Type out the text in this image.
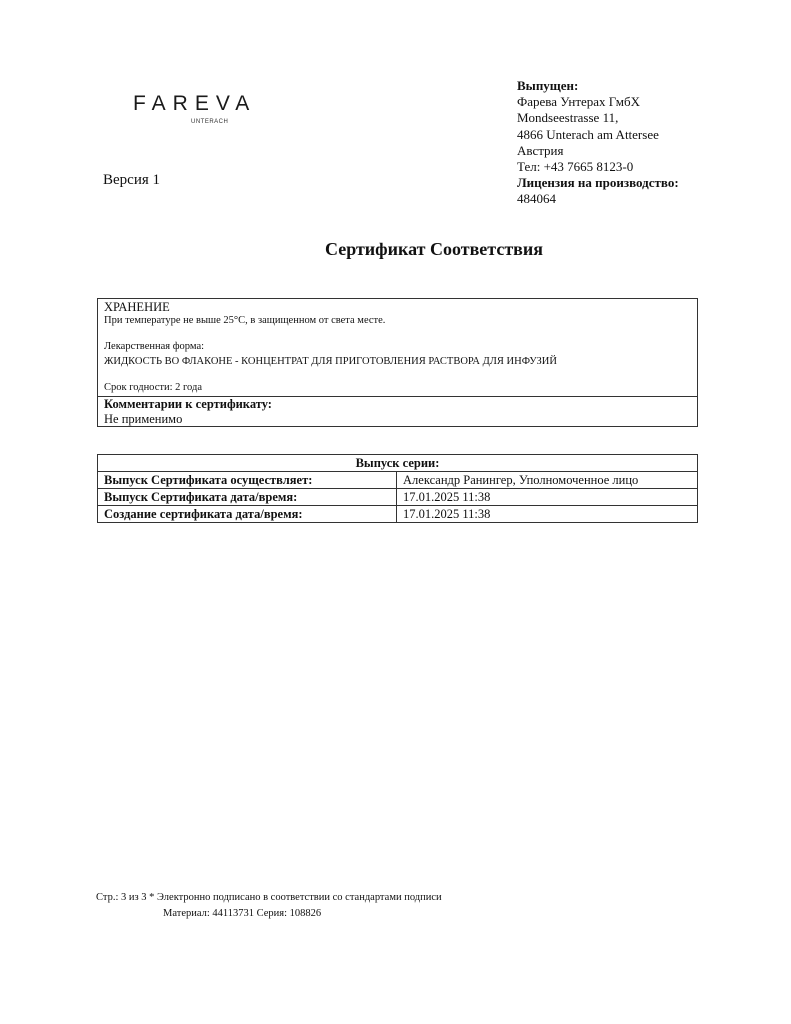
FAREVA
UNTERACH
Версия 1
Выпущен:
Фарева Унтерах ГмбХ
Mondseestrasse 11,
4866 Unterach am Attersee
Австрия
Тел: +43 7665 8123-0
Лицензия на производство:
484064
Сертификат Соответствия
ХРАНЕНИЕ
При температуре не выше 25°С, в защищенном от света месте.
Лекарственная форма:
ЖИДКОСТЬ ВО ФЛАКОНЕ - КОНЦЕНТРАТ ДЛЯ ПРИГОТОВЛЕНИЯ РАСТВОРА ДЛЯ ИНФУЗИЙ
Срок годности: 2 года
Комментарии к сертификату:
Не применимо
Выпуск серии:	
Выпуск Сертификата осуществляет:	Александр Ранингер, Уполномоченное лицо
Выпуск Сертификата дата/время:	17.01.2025 11:38
Создание сертификата дата/время:	17.01.2025 11:38
Стр.: 3 из 3 * Электронно подписано в соответствии со стандартами подписи
Материал: 44113731 Серия: 108826
